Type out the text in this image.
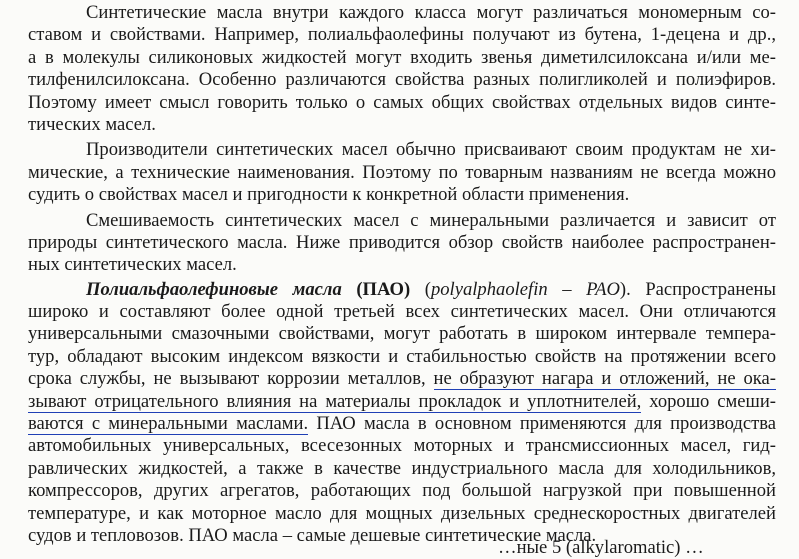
Синтетические масла внутри каждого класса могут различаться мономерным со-
ставом и свойствами. Например, полиальфаолефины получают из бутена, 1-децена и др.,
а в молекулы силиконовых жидкостей могут входить звенья диметилсилоксана и/или ме-
тилфенилсилоксана. Особенно различаются свойства разных полигликолей и полиэфиров.
Поэтому имеет смысл говорить только о самых общих свойствах отдельных видов синте-
тических масел.
Производители синтетических масел обычно присваивают своим продуктам не хи-
мические, а технические наименования. Поэтому по товарным названиям не всегда можно
судить о свойствах масел и пригодности к конкретной области применения.
Смешиваемость синтетических масел с минеральными различается и зависит от
природы синтетического масла. Ниже приводится обзор свойств наиболее распространен-
ных синтетических масел.
Полиальфаолефиновые масла (ПАО) (polyalphaolefin – PAO). Распространены
широко и составляют более одной третьей всех синтетических масел. Они отличаются
универсальными смазочными свойствами, могут работать в широком интервале темпера-
тур, обладают высоким индексом вязкости и стабильностью свойств на протяжении всего
срока службы, не вызывают коррозии металлов, не образуют нагара и отложений, не ока-
зывают отрицательного влияния на материалы прокладок и уплотнителей, хорошо смеши-
ваются с минеральными маслами. ПАО масла в основном применяются для производства
автомобильных универсальных, всесезонных моторных и трансмиссионных масел, гид-
равлических жидкостей, а также в качестве индустриального масла для холодильников,
компрессоров, других агрегатов, работающих под большой нагрузкой при повышенной
температуре, и как моторное масло для мощных дизельных среднескоростных двигателей
судов и тепловозов. ПАО масла – самые дешевые синтетические масла.
…ные 5 (alkylaromatic) …
